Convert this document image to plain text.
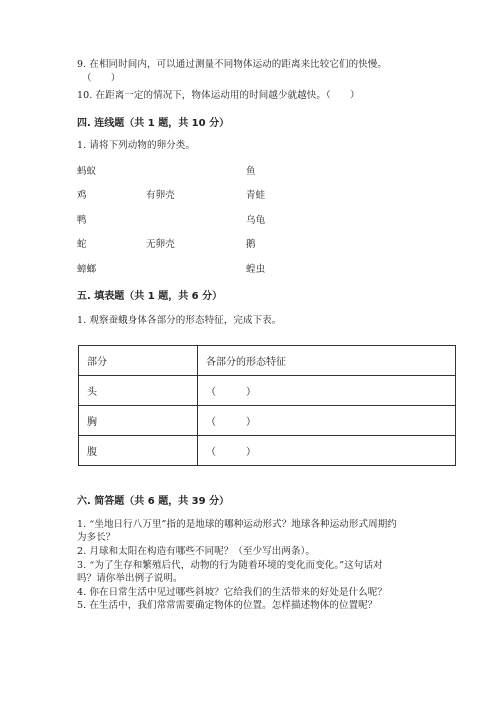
9. 在相同时间内，可以通过测量不同物体运动的距离来比较它们的快慢。
（　　）
10. 在距离一定的情况下，物体运动用的时间越少就越快。（　　）
四. 连线题（共 1 题，共 10 分）
1. 请将下列动物的卵分类。
蚂蚁
鸡
鸭
蛇
蟑螂
有卵壳
无卵壳
鱼
青蛙
乌龟
鹅
蝗虫
五. 填表题（共 1 题，共 6 分）
1. 观察蚕蛾身体各部分的形态特征，完成下表。
部分	各部分的形态特征
头	（　　　）
胸	（　　　）
腹	（　　　）
六. 简答题（共 6 题，共 39 分）
1. “坐地日行八万里”指的是地球的哪种运动形式？地球各种运动形式周期约
为多长？
2. 月球和太阳在构造有哪些不同呢？（至少写出两条）。
3. “为了生存和繁殖后代，动物的行为随着环境的变化而变化。”这句话对
吗？请你举出例子说明。
4. 你在日常生活中见过哪些斜坡？它给我们的生活带来的好处是什么呢？
5. 在生活中，我们常常需要确定物体的位置。怎样描述物体的位置呢？
